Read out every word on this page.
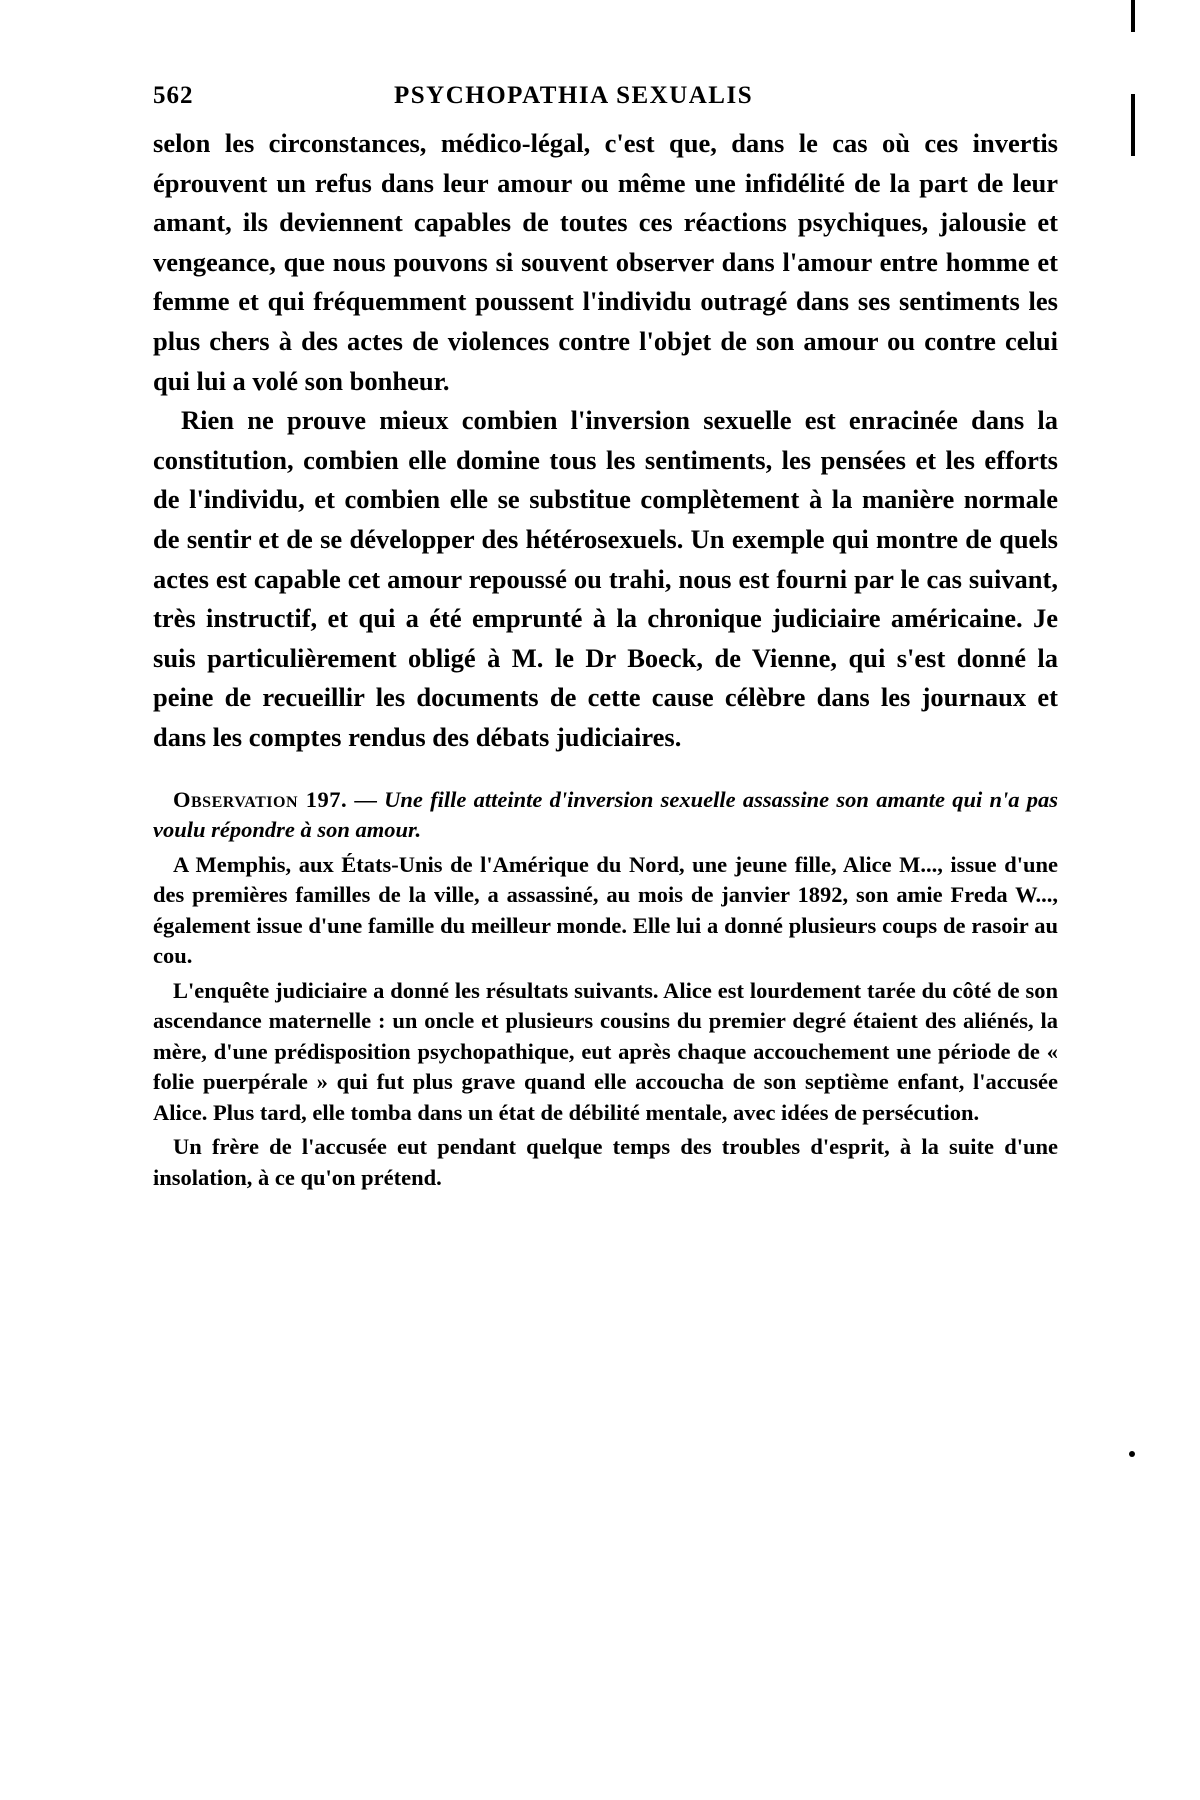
562	PSYCHOPATHIA SEXUALIS

selon les circonstances, médico-légal, c'est que, dans le cas où ces invertis éprouvent un refus dans leur amour ou même une infidélité de la part de leur amant, ils deviennent capables de toutes ces réactions psychiques, jalousie et vengeance, que nous pouvons si souvent observer dans l'amour entre homme et femme et qui fréquemment poussent l'individu outragé dans ses sentiments les plus chers à des actes de violences contre l'objet de son amour ou contre celui qui lui a volé son bonheur.

Rien ne prouve mieux combien l'inversion sexuelle est enracinée dans la constitution, combien elle domine tous les sentiments, les pensées et les efforts de l'individu, et combien elle se substitue complètement à la manière normale de sentir et de se développer des hétérosexuels. Un exemple qui montre de quels actes est capable cet amour repoussé ou trahi, nous est fourni par le cas suivant, très instructif, et qui a été emprunté à la chronique judiciaire américaine. Je suis particulièrement obligé à M. le Dr Boeck, de Vienne, qui s'est donné la peine de recueillir les documents de cette cause célèbre dans les journaux et dans les comptes rendus des débats judiciaires.

Observation 197. — Une fille atteinte d'inversion sexuelle assassine son amante qui n'a pas voulu répondre à son amour.

A Memphis, aux États-Unis de l'Amérique du Nord, une jeune fille, Alice M..., issue d'une des premières familles de la ville, a assassiné, au mois de janvier 1892, son amie Freda W..., également issue d'une famille du meilleur monde. Elle lui a donné plusieurs coups de rasoir au cou.

L'enquête judiciaire a donné les résultats suivants. Alice est lourdement tarée du côté de son ascendance maternelle : un oncle et plusieurs cousins du premier degré étaient des aliénés, la mère, d'une prédisposition psychopathique, eut après chaque accouchement une période de « folie puerpérale » qui fut plus grave quand elle accoucha de son septième enfant, l'accusée Alice. Plus tard, elle tomba dans un état de débilité mentale, avec idées de persécution.

Un frère de l'accusée eut pendant quelque temps des troubles d'esprit, à la suite d'une insolation, à ce qu'on prétend.
